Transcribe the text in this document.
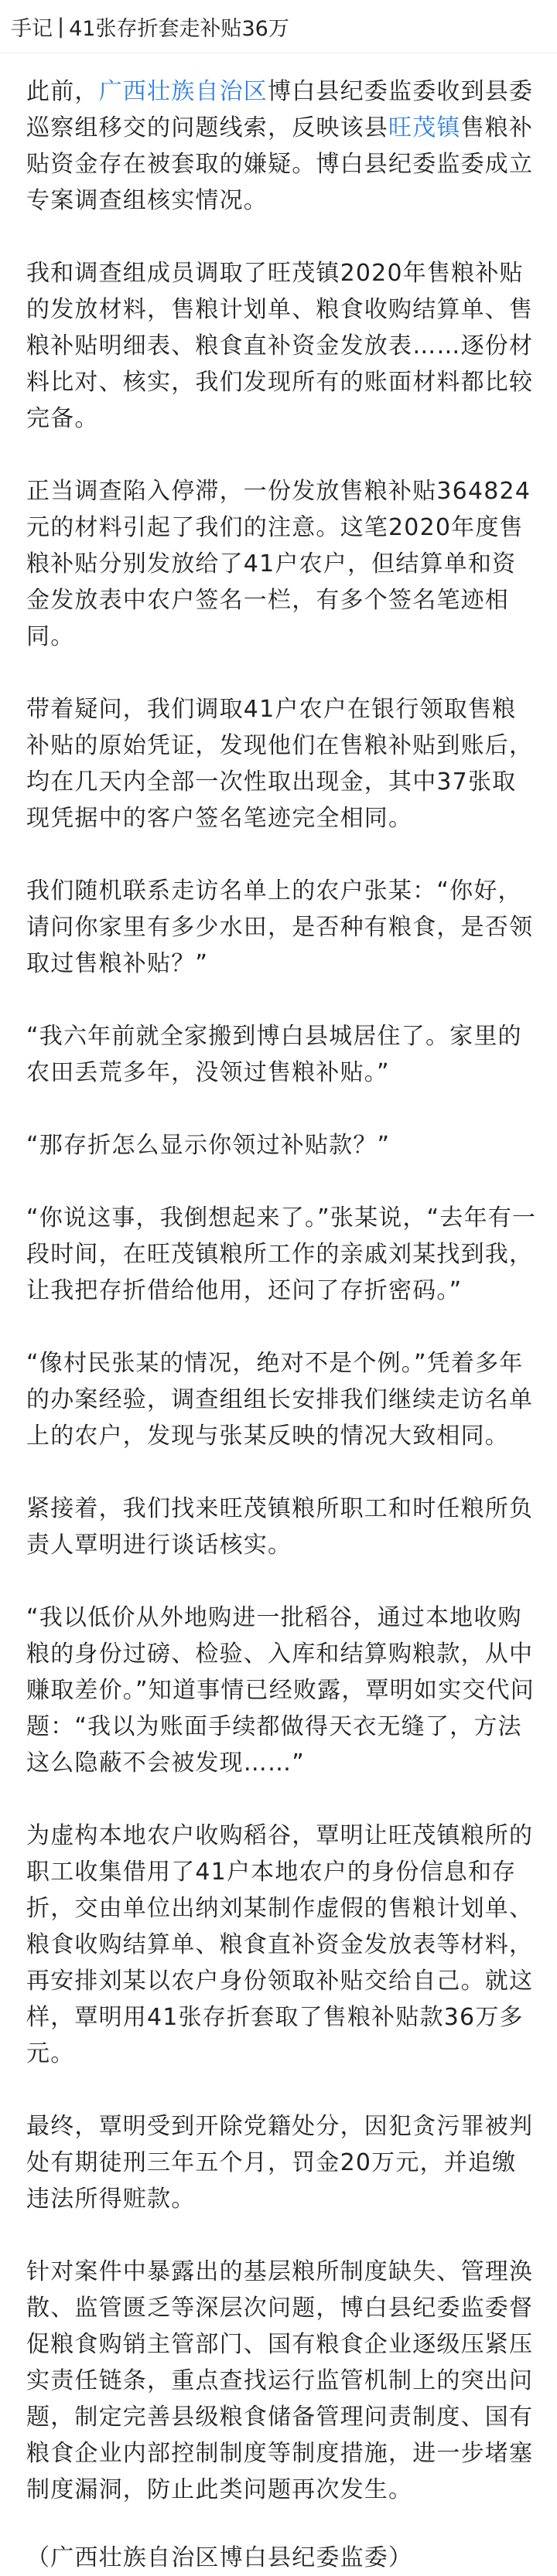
手记 | 41张存折套走补贴36万

此前，广西壮族自治区博白县纪委监委收到县委巡察组移交的问题线索，反映该县旺茂镇售粮补贴资金存在被套取的嫌疑。博白县纪委监委成立专案调查组核实情况。

我和调查组成员调取了旺茂镇2020年售粮补贴的发放材料，售粮计划单、粮食收购结算单、售粮补贴明细表、粮食直补资金发放表……逐份材料比对、核实，我们发现所有的账面材料都比较完备。

正当调查陷入停滞，一份发放售粮补贴364824元的材料引起了我们的注意。这笔2020年度售粮补贴分别发放给了41户农户，但结算单和资金发放表中农户签名一栏，有多个签名笔迹相同。

带着疑问，我们调取41户农户在银行领取售粮补贴的原始凭证，发现他们在售粮补贴到账后，均在几天内全部一次性取出现金，其中37张取现凭据中的客户签名笔迹完全相同。

我们随机联系走访名单上的农户张某：“你好，请问你家里有多少水田，是否种有粮食，是否领取过售粮补贴？”

“我六年前就全家搬到博白县城居住了。家里的农田丢荒多年，没领过售粮补贴。”

“那存折怎么显示你领过补贴款？”

“你说这事，我倒想起来了。”张某说，“去年有一段时间，在旺茂镇粮所工作的亲戚刘某找到我，让我把存折借给他用，还问了存折密码。”

“像村民张某的情况，绝对不是个例。”凭着多年的办案经验，调查组组长安排我们继续走访名单上的农户，发现与张某反映的情况大致相同。

紧接着，我们找来旺茂镇粮所职工和时任粮所负责人覃明进行谈话核实。

“我以低价从外地购进一批稻谷，通过本地收购粮的身份过磅、检验、入库和结算购粮款，从中赚取差价。”知道事情已经败露，覃明如实交代问题：“我以为账面手续都做得天衣无缝了，方法这么隐蔽不会被发现……”

为虚构本地农户收购稻谷，覃明让旺茂镇粮所的职工收集借用了41户本地农户的身份信息和存折，交由单位出纳刘某制作虚假的售粮计划单、粮食收购结算单、粮食直补资金发放表等材料，再安排刘某以农户身份领取补贴交给自己。就这样，覃明用41张存折套取了售粮补贴款36万多元。

最终，覃明受到开除党籍处分，因犯贪污罪被判处有期徒刑三年五个月，罚金20万元，并追缴违法所得赃款。

针对案件中暴露出的基层粮所制度缺失、管理涣散、监管匮乏等深层次问题，博白县纪委监委督促粮食购销主管部门、国有粮食企业逐级压紧压实责任链条，重点查找运行监管机制上的突出问题，制定完善县级粮食储备管理问责制度、国有粮食企业内部控制制度等制度措施，进一步堵塞制度漏洞，防止此类问题再次发生。

（广西壮族自治区博白县纪委监委）
